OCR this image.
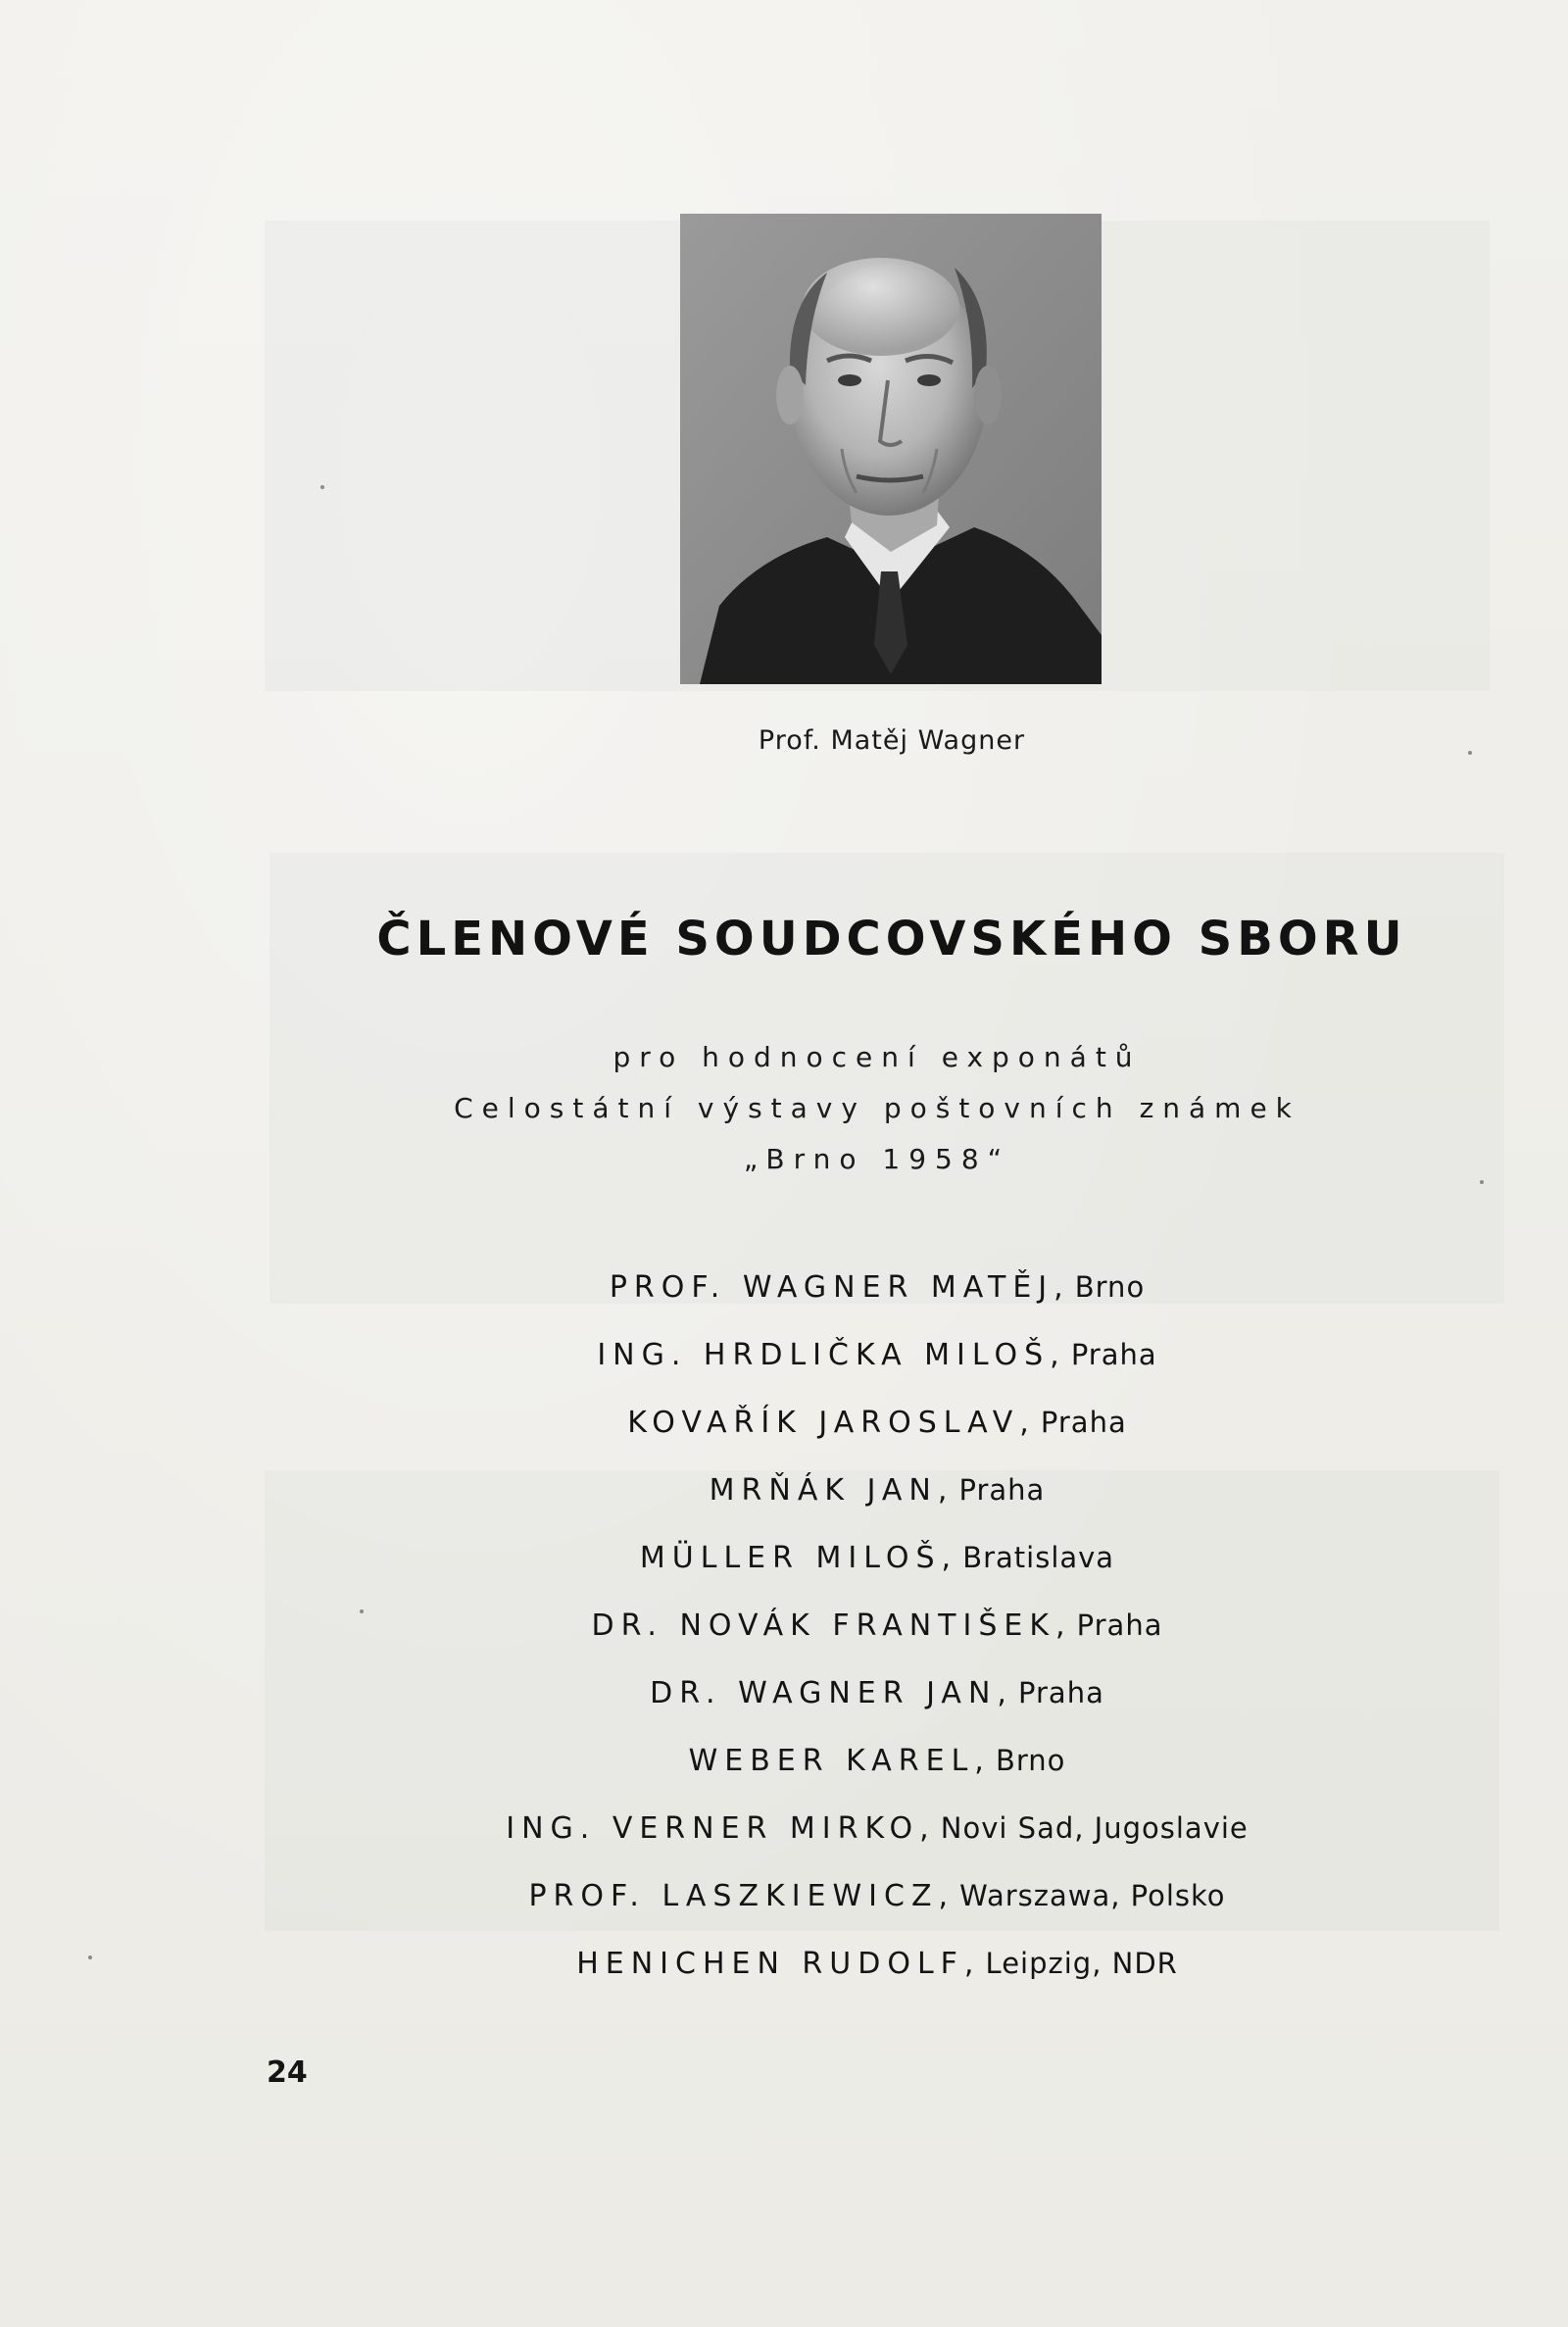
Prof. Matěj Wagner
ČLENOVÉ SOUDCOVSKÉHO SBORU
pro hodnocení exponátů
Celostátní výstavy poštovních známek
„Brno 1958“
PROF. WAGNER MATĚJ, Brno
ING. HRDLIČKA MILOŠ, Praha
KOVAŘÍK JAROSLAV, Praha
MRŇÁK JAN, Praha
MÜLLER MILOŠ, Bratislava
DR. NOVÁK FRANTIŠEK, Praha
DR. WAGNER JAN, Praha
WEBER KAREL, Brno
ING. VERNER MIRKO, Novi Sad, Jugoslavie
PROF. LASZKIEWICZ, Warszawa, Polsko
HENICHEN RUDOLF, Leipzig, NDR
24
